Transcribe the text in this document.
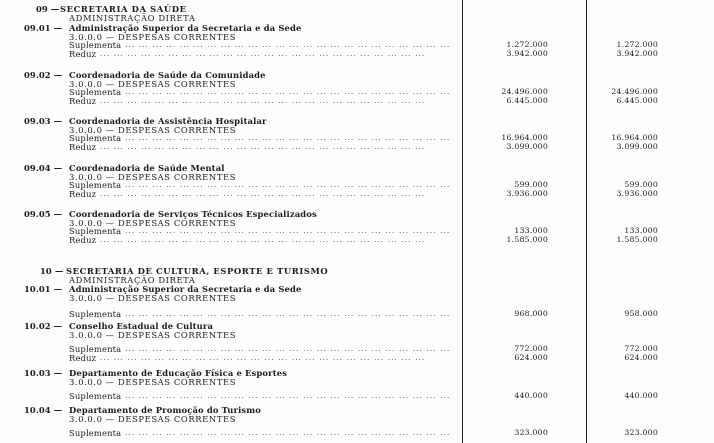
09 — SECRETARIA DA SAÚDE
ADMINISTRAÇÃO DIRETA
09.01 — Administração Superior da Secretaria e da Sede
3.0.0.0 — DESPESAS CORRENTES
Suplementa ... ... ... ... ... ... ... ... ... ... ... ... ... ... ... ... ... ... ... ... ... ... ... ...	1.272.000	1.272.000
Reduz ... ... ... ... ... ... ... ... ... ... ... ... ... ... ... ... ... ... ... ... ... ... ... ...	3.942.000	3.942.000
09.02 — Coordenadoria de Saúde da Comunidade
3.0.0.0 — DESPESAS CORRENTES
Suplementa ... ... ... ... ... ... ... ... ... ... ... ... ... ... ... ... ... ... ... ... ... ... ... ...	24.496.000	24.496.000
Reduz ... ... ... ... ... ... ... ... ... ... ... ... ... ... ... ... ... ... ... ... ... ... ... ...	6.445.000	6.445.000
09.03 — Coordenadoria de Assistência Hospitalar
3.0.0.0 — DESPESAS CORRENTES
Suplementa ... ... ... ... ... ... ... ... ... ... ... ... ... ... ... ... ... ... ... ... ... ... ... ...	16.964.000	16.964.000
Reduz ... ... ... ... ... ... ... ... ... ... ... ... ... ... ... ... ... ... ... ... ... ... ... ...	3.099.000	3.099.000
09.04 — Coordenadoria de Saúde Mental
3.0.0.0 — DESPESAS CORRENTES
Suplementa ... ... ... ... ... ... ... ... ... ... ... ... ... ... ... ... ... ... ... ... ... ... ... ...	599.000	599.000
Reduz ... ... ... ... ... ... ... ... ... ... ... ... ... ... ... ... ... ... ... ... ... ... ... ...	3.936.000	3.936.000
09.05 — Coordenadoria de Serviços Técnicos Especializados
3.0.0.0 — DESPESAS CORRENTES
Suplementa ... ... ... ... ... ... ... ... ... ... ... ... ... ... ... ... ... ... ... ... ... ... ... ...	133.000	133.000
Reduz ... ... ... ... ... ... ... ... ... ... ... ... ... ... ... ... ... ... ... ... ... ... ... ...	1.585.000	1.585.000
10 — SECRETARIA DE CULTURA, ESPORTE E TURISMO
ADMINISTRAÇÃO DIRETA
10.01 — Administração Superior da Secretaria e da Sede
3.0.0.0 — DESPESAS CORRENTES
Suplementa ... ... ... ... ... ... ... ... ... ... ... ... ... ... ... ... ... ... ... ... ... ... ... ...	968.000	958.000
10.02 — Conselho Estadual de Cultura
3.0.0.0 — DESPESAS CORRENTES
Suplementa ... ... ... ... ... ... ... ... ... ... ... ... ... ... ... ... ... ... ... ... ... ... ... ...	772.000	772.000
Reduz ... ... ... ... ... ... ... ... ... ... ... ... ... ... ... ... ... ... ... ... ... ... ... ...	624.000	624.000
10.03 — Departamento de Educação Física e Esportes
3.0.0.0 — DESPESAS CORRENTES
Suplementa ... ... ... ... ... ... ... ... ... ... ... ... ... ... ... ... ... ... ... ... ... ... ... ...	440.000	440.000
10.04 — Departamento de Promoção do Turismo
3.0.0.0 — DESPESAS CORRENTES
Suplementa ... ... ... ... ... ... ... ... ... ... ... ... ... ... ... ... ... ... ... ... ... ... ... ...	323.000	323.000
